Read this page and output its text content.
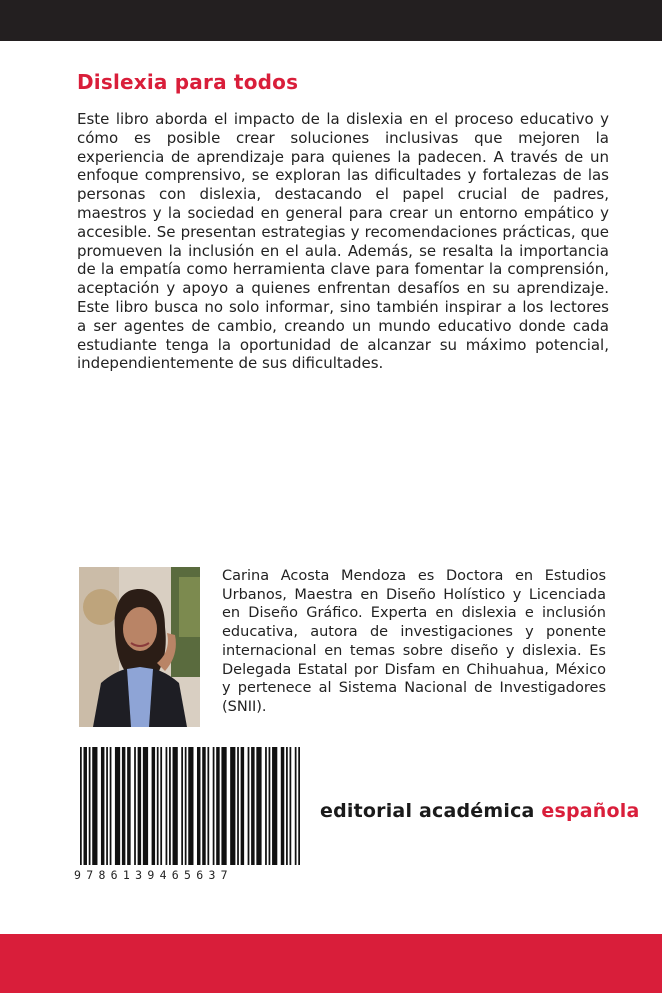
Dislexia para todos

Este libro aborda el impacto de la dislexia en el proceso educativo y cómo es posible crear soluciones inclusivas que mejoren la experiencia de aprendizaje para quienes la padecen. A través de un enfoque comprensivo, se exploran las dificultades y fortalezas de las personas con dislexia, destacando el papel crucial de padres, maestros y la sociedad en general para crear un entorno empático y accesible. Se presentan estrategias y recomendaciones prácticas, que promueven la inclusión en el aula. Además, se resalta la importancia de la empatía como herramienta clave para fomentar la comprensión, aceptación y apoyo a quienes enfrentan desafíos en su aprendizaje. Este libro busca no solo informar, sino también inspirar a los lectores a ser agentes de cambio, creando un mundo educativo donde cada estudiante tenga la oportunidad de alcanzar su máximo potencial, independientemente de sus dificultades.

Carina Acosta Mendoza es Doctora en Estudios Urbanos, Maestra en Diseño Holístico y Licenciada en Diseño Gráfico. Experta en dislexia e inclusión educativa, autora de investigaciones y ponente internacional en temas sobre diseño y dislexia. Es Delegada Estatal por Disfam en Chihuahua, México y pertenece al Sistema Nacional de Investigadores (SNII).

9786139465637
editorial académica española
